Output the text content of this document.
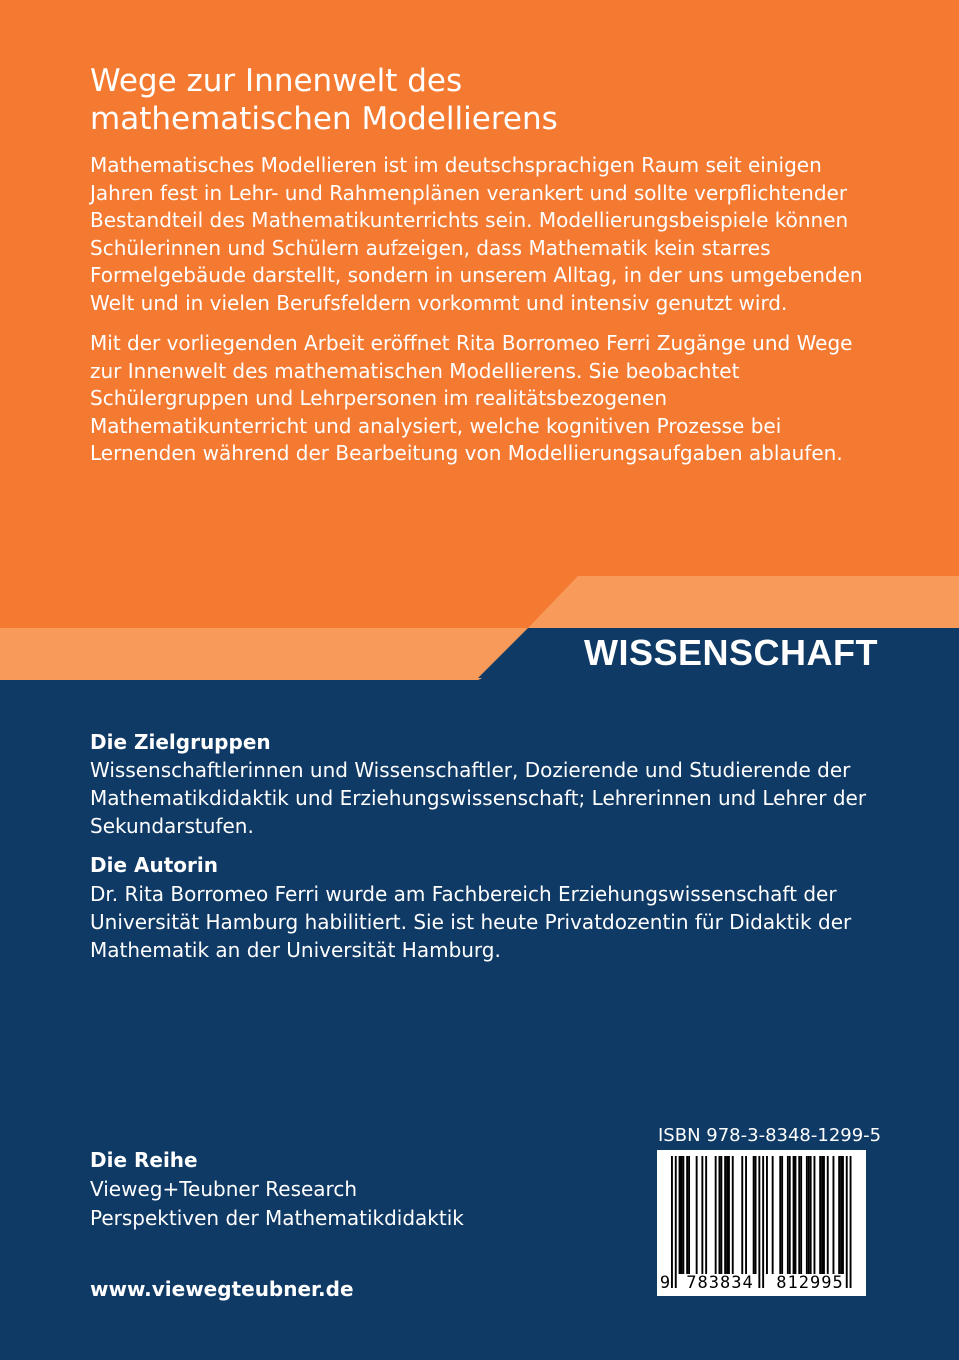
Wege zur Innenwelt des
mathematischen Modellierens

Mathematisches Modellieren ist im deutschsprachigen Raum seit einigen Jahren fest in Lehr- und Rahmenplänen verankert und sollte verpflichtender Bestandteil des Mathematikunterrichts sein. Modellierungsbeispiele können Schülerinnen und Schülern aufzeigen, dass Mathematik kein starres Formelgebäude darstellt, sondern in unserem Alltag, in der uns umgebenden Welt und in vielen Berufsfeldern vorkommt und intensiv genutzt wird.

Mit der vorliegenden Arbeit eröffnet Rita Borromeo Ferri Zugänge und Wege zur Innenwelt des mathematischen Modellierens. Sie beobachtet Schülergruppen und Lehrpersonen im realitätsbezogenen Mathematikunterricht und analysiert, welche kognitiven Prozesse bei Lernenden während der Bearbeitung von Modellierungsaufgaben ablaufen.

WISSENSCHAFT
Die Zielgruppen

Wissenschaftlerinnen und Wissenschaftler, Dozierende und Studierende der Mathematikdidaktik und Erziehungswissenschaft; Lehrerinnen und Lehrer der Sekundarstufen.

Die Autorin

Dr. Rita Borromeo Ferri wurde am Fachbereich Erziehungswissenschaft der Universität Hamburg habilitiert. Sie ist heute Privatdozentin für Didaktik der Mathematik an der Universität Hamburg.

Die Reihe
Vieweg+Teubner Research
Perspektiven der Mathematikdidaktik
www.viewegteubner.de
ISBN 978-3-8348-1299-5
9 783834	812995
